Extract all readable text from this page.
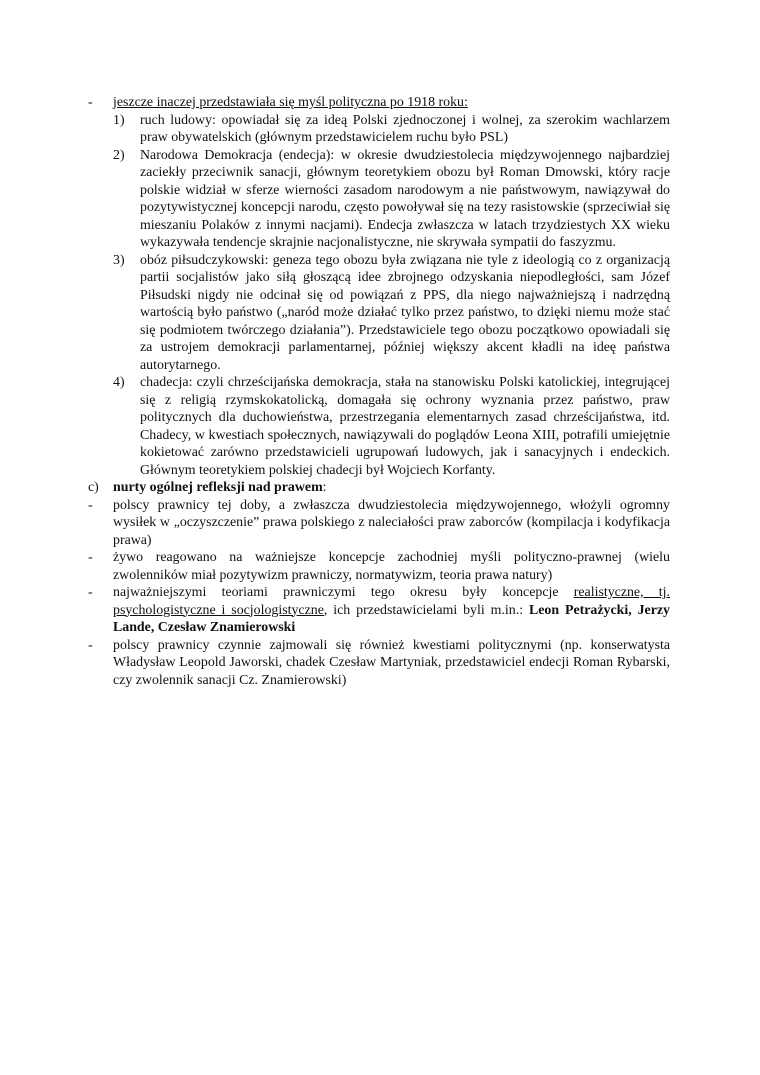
-	jeszcze inaczej przedstawiała się myśl polityczna po 1918 roku:
1)	ruch ludowy: opowiadał się za ideą Polski zjednoczonej i wolnej, za szerokim wachlarzem praw obywatelskich (głównym przedstawicielem ruchu było PSL)
2)	Narodowa Demokracja (endecja): w okresie dwudziestolecia międzywojennego najbardziej zaciekły przeciwnik sanacji, głównym teoretykiem obozu był Roman Dmowski, który racje polskie widział w sferze wierności zasadom narodowym a nie państwowym, nawiązywał do pozytywistycznej koncepcji narodu, często powoływał się na tezy rasistowskie (sprzeciwiał się mieszaniu Polaków z innymi nacjami). Endecja zwłaszcza w latach trzydziestych XX wieku wykazywała tendencje skrajnie nacjonalistyczne, nie skrywała sympatii do faszyzmu.
3)	obóz piłsudczykowski: geneza tego obozu była związana nie tyle z ideologią co z organizacją partii socjalistów jako siłą głoszącą idee zbrojnego odzyskania niepodległości, sam Józef Piłsudski nigdy nie odcinał się od powiązań z PPS, dla niego najważniejszą i nadrzędną wartością było państwo („naród może działać tylko przez państwo, to dzięki niemu może stać się podmiotem twórczego działania”). Przedstawiciele tego obozu początkowo opowiadali się za ustrojem demokracji parlamentarnej, później większy akcent kładli na ideę państwa autorytarnego.
4)	chadecja: czyli chrześcijańska demokracja, stała na stanowisku Polski katolickiej, integrującej się z religią rzymskokatolicką, domagała się ochrony wyznania przez państwo, praw politycznych dla duchowieństwa, przestrzegania elementarnych zasad chrześcijaństwa, itd. Chadecy, w kwestiach społecznych, nawiązywali do poglądów Leona XIII, potrafili umiejętnie kokietować zarówno przedstawicieli ugrupowań ludowych, jak i sanacyjnych i endeckich. Głównym teoretykiem polskiej chadecji był Wojciech Korfanty.
c)	nurty ogólnej refleksji nad prawem:
-	polscy prawnicy tej doby, a zwłaszcza dwudziestolecia międzywojennego, włożyli ogromny wysiłek w „oczyszczenie” prawa polskiego z naleciałości praw zaborców (kompilacja i kodyfikacja prawa)
-	żywo reagowano na ważniejsze koncepcje zachodniej myśli polityczno-prawnej (wielu zwolenników miał pozytywizm prawniczy, normatywizm, teoria prawa natury)
-	najważniejszymi teoriami prawniczymi tego okresu były koncepcje realistyczne, tj. psychologistyczne i socjologistyczne, ich przedstawicielami byli m.in.: Leon Petrażycki, Jerzy Lande, Czesław Znamierowski
-	polscy prawnicy czynnie zajmowali się również kwestiami politycznymi (np. konserwatysta Władysław Leopold Jaworski, chadek Czesław Martyniak, przedstawiciel endecji Roman Rybarski, czy zwolennik sanacji Cz. Znamierowski)
